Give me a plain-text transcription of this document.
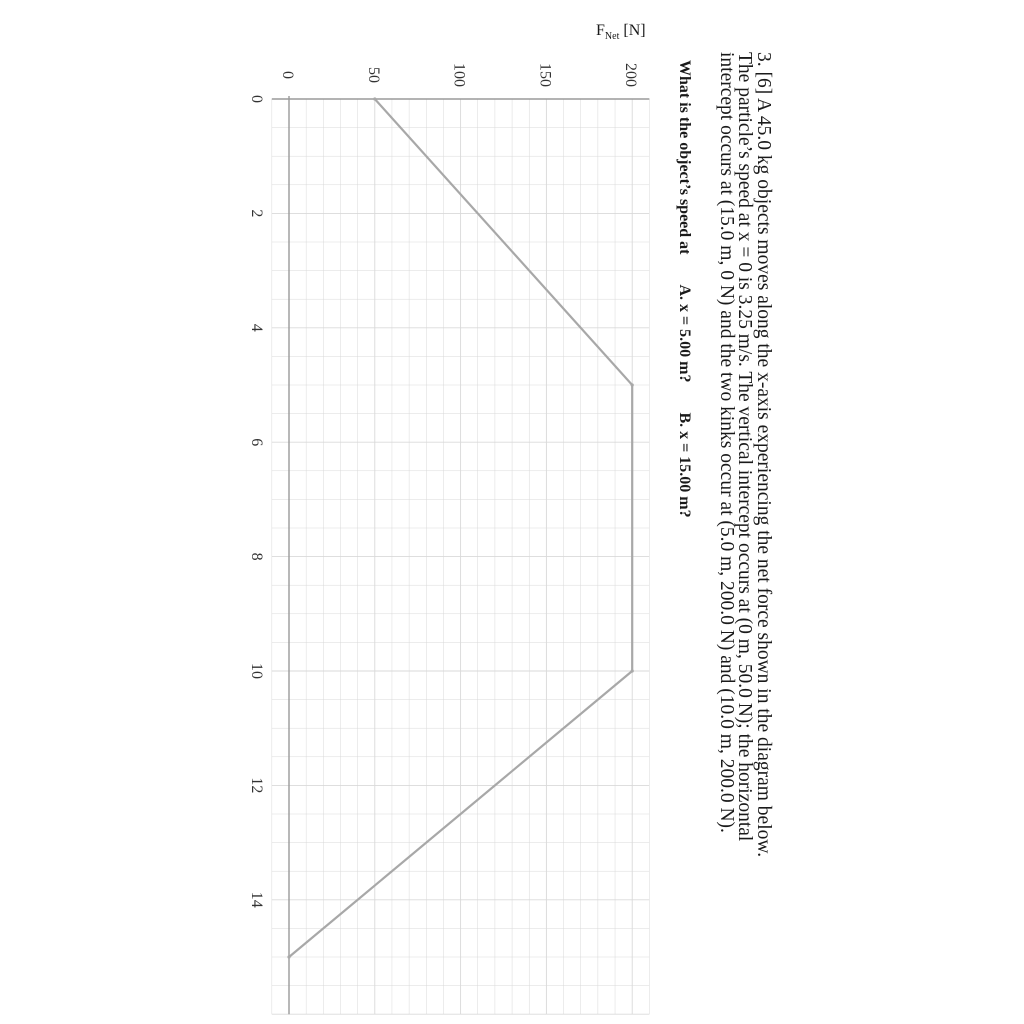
3. [6] A 45.0 kg objects moves along the x-axis experiencing the net force shown in the diagram below.
The particle’s speed at x = 0 is 3.25 m/s. The vertical intercept occurs at (0 m, 50.0 N); the horizontal
intercept occurs at (15.0 m, 0 N) and the two kinks occur at (5.0 m, 200.0 N) and (10.0 m, 200.0 N).
What is the object’s speed at A. x = 5.00 m? B. x = 15.00 m?
$F_{Net}$ [N]
0
2
4
6
8
10
12
14
0	50	100	150	200
